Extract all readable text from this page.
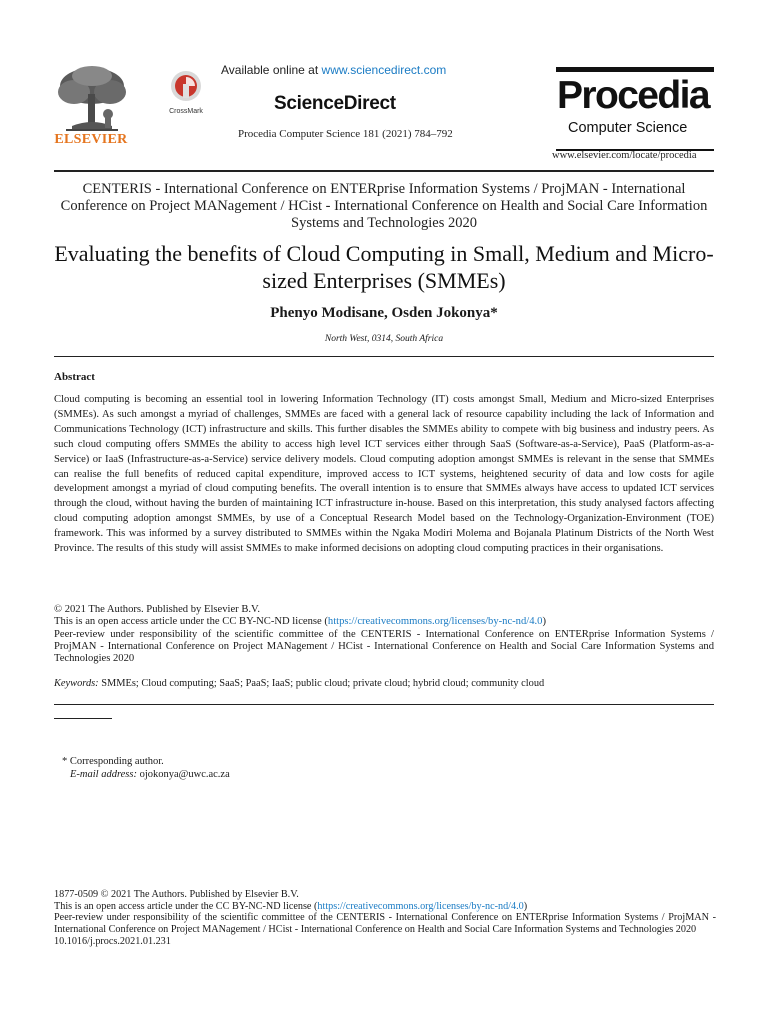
ELSEVIER
CrossMark
Available online at www.sciencedirect.com
ScienceDirect
Procedia Computer Science 181 (2021) 784–792
Procedia
Computer Science
www.elsevier.com/locate/procedia
CENTERIS - International Conference on ENTERprise Information Systems / ProjMAN - International Conference on Project MANagement / HCist - International Conference on Health and Social Care Information Systems and Technologies 2020
Evaluating the benefits of Cloud Computing in Small, Medium and Micro-sized Enterprises (SMMEs)
Phenyo Modisane, Osden Jokonya*
North West, 0314, South Africa
Abstract
Cloud computing is becoming an essential tool in lowering Information Technology (IT) costs amongst Small, Medium and Micro-sized Enterprises (SMMEs). As such amongst a myriad of challenges, SMMEs are faced with a general lack of resource capability including the lack of Information and Communications Technology (ICT) infrastructure and skills. This further disables the SMMEs ability to compete with big business and industry peers. As such cloud computing offers SMMEs the ability to access high level ICT services either through SaaS (Software-as-a-Service), PaaS (Platform-as-a-Service) or IaaS (Infrastructure-as-a-Service) service delivery models. Cloud computing adoption amongst SMMEs is relevant in the sense that SMMEs can realise the full benefits of reduced capital expenditure, improved access to ICT systems, heightened security of data and low costs for agile development amongst a myriad of cloud computing benefits. The overall intention is to ensure that SMMEs always have access to updated ICT services through the cloud, without having the burden of maintaining ICT infrastructure in-house. Based on this interpretation, this study analysed factors affecting cloud computing adoption amongst SMMEs, by use of a Conceptual Research Model based on the Technology-Organization-Environment (TOE) framework. This was informed by a survey distributed to SMMEs within the Ngaka Modiri Molema and Bojanala Platinum Districts of the North West Province. The results of this study will assist SMMEs to make informed decisions on adopting cloud computing practices in their organisations.
© 2021 The Authors. Published by Elsevier B.V.
This is an open access article under the CC BY-NC-ND license (https://creativecommons.org/licenses/by-nc-nd/4.0)
Peer-review under responsibility of the scientific committee of the CENTERIS - International Conference on ENTERprise Information Systems / ProjMAN - International Conference on Project MANagement / HCist - International Conference on Health and Social Care Information Systems and Technologies 2020
Keywords: SMMEs; Cloud computing; SaaS; PaaS; IaaS; public cloud; private cloud; hybrid cloud; community cloud
* Corresponding author.
E-mail address: ojokonya@uwc.ac.za
1877-0509 © 2021 The Authors. Published by Elsevier B.V.
This is an open access article under the CC BY-NC-ND license (https://creativecommons.org/licenses/by-nc-nd/4.0)
Peer-review under responsibility of the scientific committee of the CENTERIS - International Conference on ENTERprise Information Systems / ProjMAN - International Conference on Project MANagement / HCist - International Conference on Health and Social Care Information Systems and Technologies 2020
10.1016/j.procs.2021.01.231
